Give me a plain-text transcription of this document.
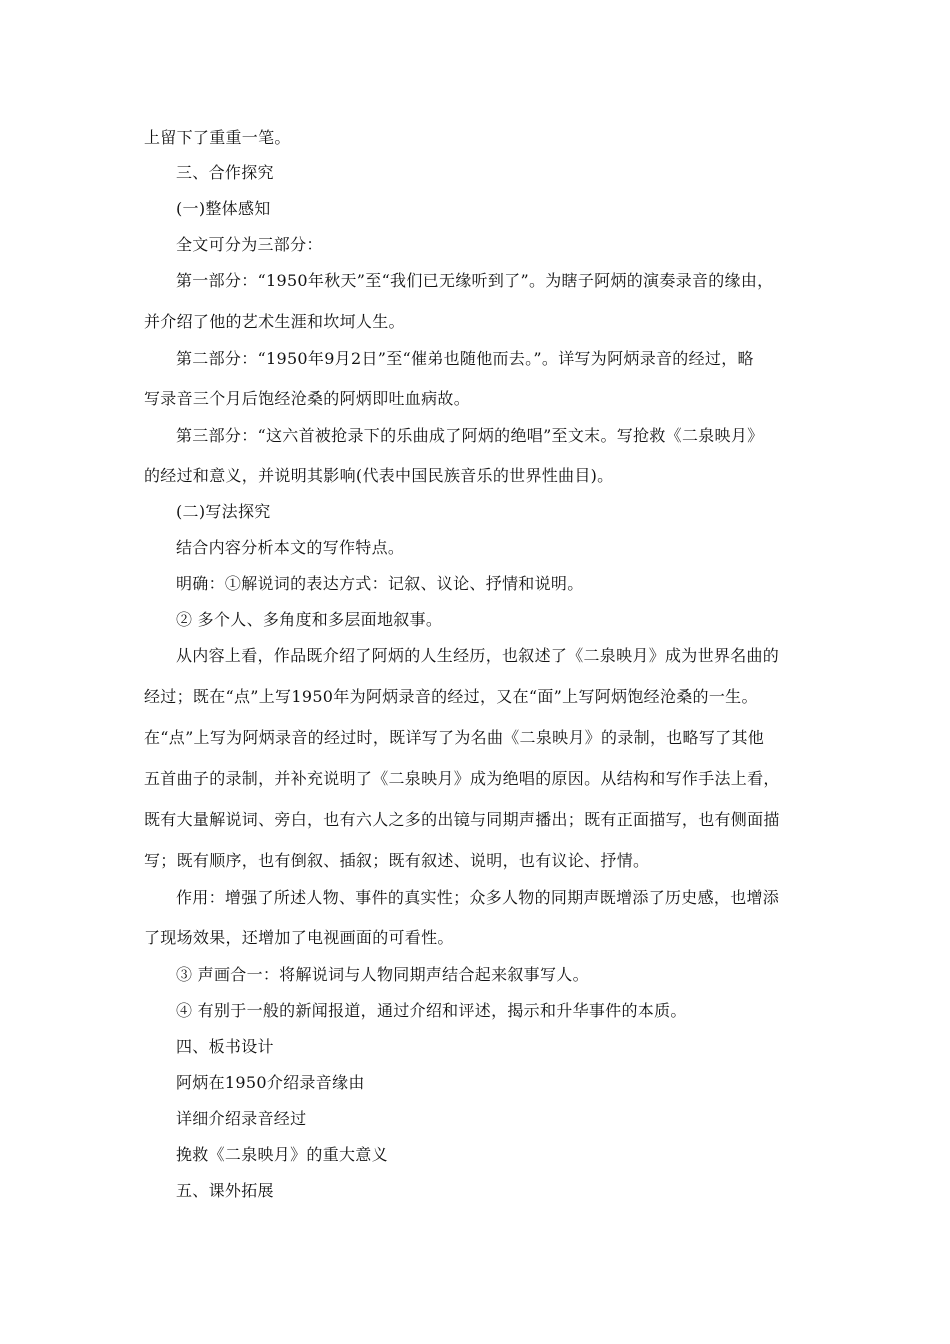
上留下了重重一笔。
三、合作探究
(一)整体感知
全文可分为三部分：
第一部分：“1950年秋天”至“我们已无缘听到了”。为瞎子阿炳的演奏录音的缘由，
并介绍了他的艺术生涯和坎坷人生。
第二部分：“1950年9月2日”至“催弟也随他而去。”。详写为阿炳录音的经过，略
写录音三个月后饱经沧桑的阿炳即吐血病故。
第三部分：“这六首被抢录下的乐曲成了阿炳的绝唱”至文末。写抢救《二泉映月》
的经过和意义，并说明其影响(代表中国民族音乐的世界性曲目)。
(二)写法探究
结合内容分析本文的写作特点。
明确：①解说词的表达方式：记叙、议论、抒情和说明。
② 多个人、多角度和多层面地叙事。
从内容上看，作品既介绍了阿炳的人生经历，也叙述了《二泉映月》成为世界名曲的
经过；既在“点”上写1950年为阿炳录音的经过，又在“面”上写阿炳饱经沧桑的一生。
在“点”上写为阿炳录音的经过时，既详写了为名曲《二泉映月》的录制，也略写了其他
五首曲子的录制，并补充说明了《二泉映月》成为绝唱的原因。从结构和写作手法上看，
既有大量解说词、旁白，也有六人之多的出镜与同期声播出；既有正面描写，也有侧面描
写；既有顺序，也有倒叙、插叙；既有叙述、说明，也有议论、抒情。
作用：增强了所述人物、事件的真实性；众多人物的同期声既增添了历史感，也增添
了现场效果，还增加了电视画面的可看性。
③ 声画合一：将解说词与人物同期声结合起来叙事写人。
④ 有别于一般的新闻报道，通过介绍和评述，揭示和升华事件的本质。
四、板书设计
阿炳在1950介绍录音缘由
详细介绍录音经过
挽救《二泉映月》的重大意义
五、课外拓展
